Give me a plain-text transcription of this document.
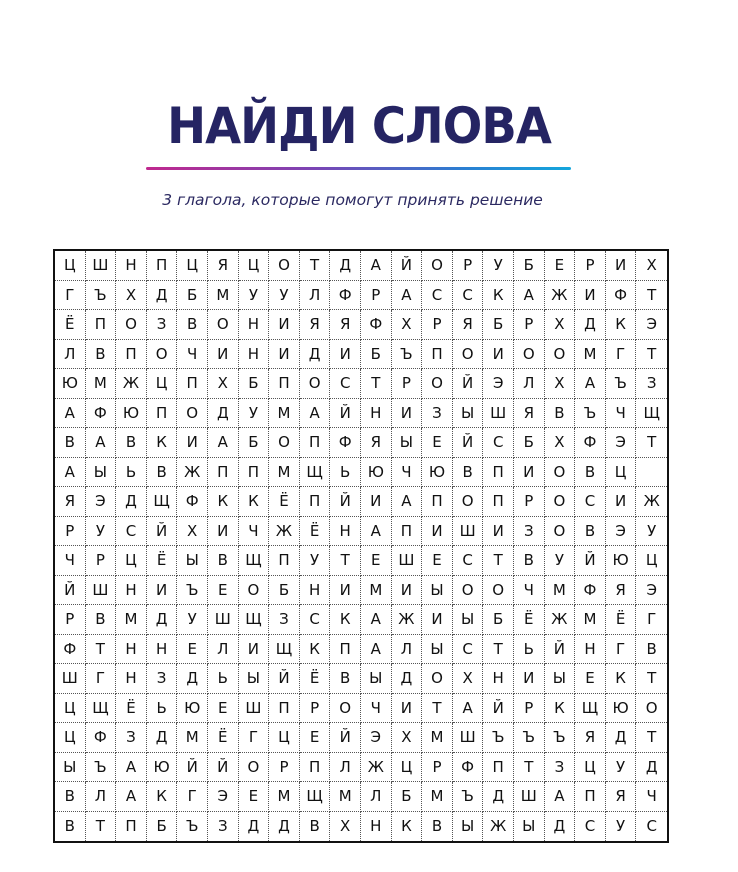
НАЙДИ СЛОВА
3 глагола, которые помогут принять решение
Ц	Ш	Н	П	Ц	Я	Ц	О	Т	Д	А	Й	О	Р	У	Б	Е	Р	И	Х
Г	Ъ	Х	Д	Б	М	У	У	Л	Ф	Р	А	С	С	К	А	Ж	И	Ф	Т
Ё	П	О	З	В	О	Н	И	Я	Я	Ф	Х	Р	Я	Б	Р	Х	Д	К	Э
Л	В	П	О	Ч	И	Н	И	Д	И	Б	Ъ	П	О	И	О	О	М	Г	Т
Ю	М	Ж	Ц	П	Х	Б	П	О	С	Т	Р	О	Й	Э	Л	Х	А	Ъ	З
А	Ф	Ю	П	О	Д	У	М	А	Й	Н	И	З	Ы	Ш	Я	В	Ъ	Ч	Щ
В	А	В	К	И	А	Б	О	П	Ф	Я	Ы	Е	Й	С	Б	Х	Ф	Э	Т
А	Ы	Ь	В	Ж	П	П	М	Щ	Ь	Ю	Ч	Ю	В	П	И	О	В	Ц
Я	Э	Д	Щ	Ф	К	К	Ё	П	Й	И	А	П	О	П	Р	О	С	И	Ж
Р	У	С	Й	Х	И	Ч	Ж	Ё	Н	А	П	И	Ш	И	З	О	В	Э	У
Ч	Р	Ц	Ё	Ы	В	Щ	П	У	Т	Е	Ш	Е	С	Т	В	У	Й	Ю	Ц
Й	Ш	Н	И	Ъ	Е	О	Б	Н	И	М	И	Ы	О	О	Ч	М	Ф	Я	Э
Р	В	М	Д	У	Ш Щ	З	С	К	А	Ж	И	Ы	Б	Ё	Ж	М	Ё	Г
Ф	Т	Н	Н	Е	Л	И	Щ	К	П	А	Л	Ы	С	Т	Ь	Й	Н	Г	В
Ш	Г	Н	З	Д	Ь	Ы	Й	Ё	В	Ы	Д	О	Х	Н	И	Ы	Е	К	Т
Ц	Щ	Ё	Ь	Ю	Е	Ш	П	Р	О	Ч	И	Т	А	Й	Р	К	Щ Ю	О
Ц	Ф	З	Д	М	Ё	Г	Ц	Е	Й	Э	Х	М	Ш	Ъ	Ъ	Ъ	Я	Д	Т
Ы	Ъ	А	Ю	Й	Й	О	Р	П	Л	Ж	Ц	Р	Ф	П	Т	З	Ц	У	Д
В	Л	А	К	Г	Э	Е	М	Щ	М	Л	Б	М	Ъ	Д	Ш	А	П	Я	Ч
В	Т	П	Б	Ъ	З	Д	Д	В	Х	Н	К	В	Ы	Ж	Ы	Д	С	У	С
